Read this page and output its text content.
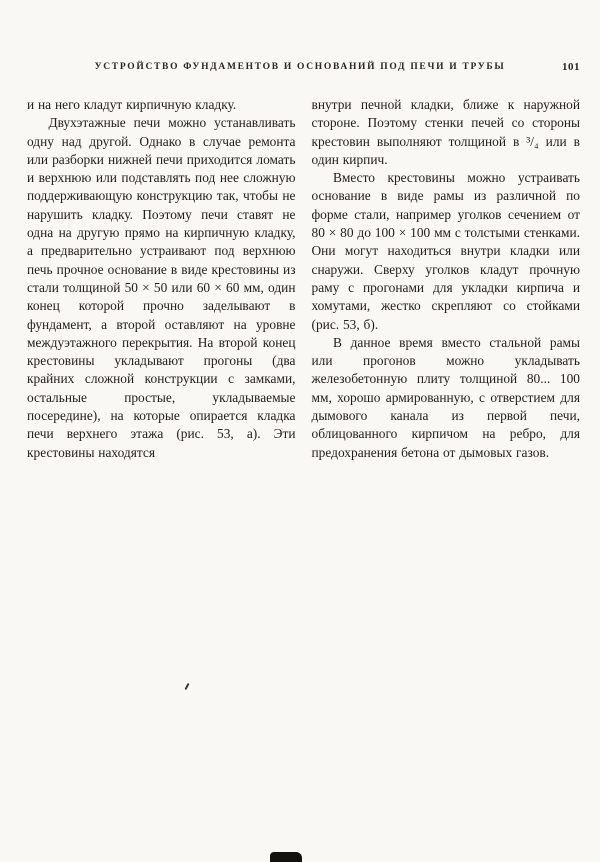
УСТРОЙСТВО ФУНДАМЕНТОВ И ОСНОВАНИЙ ПОД ПЕЧИ И ТРУБЫ	101

и на него кладут кирпичную кладку.

Двухэтажные печи можно устанавливать одну над другой. Однако в случае ремонта или разборки нижней печи приходится ломать и верхнюю или подставлять под нее сложную поддерживающую конструкцию так, чтобы не нарушить кладку. Поэтому печи ставят не одна на другую прямо на кирпичную кладку, а предварительно устраивают под верхнюю печь прочное основание в виде крестовины из стали толщиной 50 × 50 или 60 × 60 мм, один конец которой прочно заделывают в фундамент, а второй оставляют на уровне междуэтажного перекрытия. На второй конец крестовины укладывают прогоны (два крайних сложной конструкции с замками, остальные простые, укладываемые посередине), на которые опирается кладка печи верхнего этажа (рис. 53, а). Эти крестовины находятся

внутри печной кладки, ближе к наружной стороне. Поэтому стенки печей со стороны крестовин выполняют толщиной в ³/₄ или в один кирпич.

Вместо крестовины можно устраивать основание в виде рамы из различной по форме стали, например уголков сечением от 80 × 80 до 100 × 100 мм с толстыми стенками. Они могут находиться внутри кладки или снаружи. Сверху уголков кладут прочную раму с прогонами для укладки кирпича и хомутами, жестко скрепляют со стойками (рис. 53, б).

В данное время вместо стальной рамы или прогонов можно укладывать железобетонную плиту толщиной 80... 100 мм, хорошо армированную, с отверстием для дымового канала из первой печи, облицованного кирпичом на ребро, для предохранения бетона от дымовых газов.
